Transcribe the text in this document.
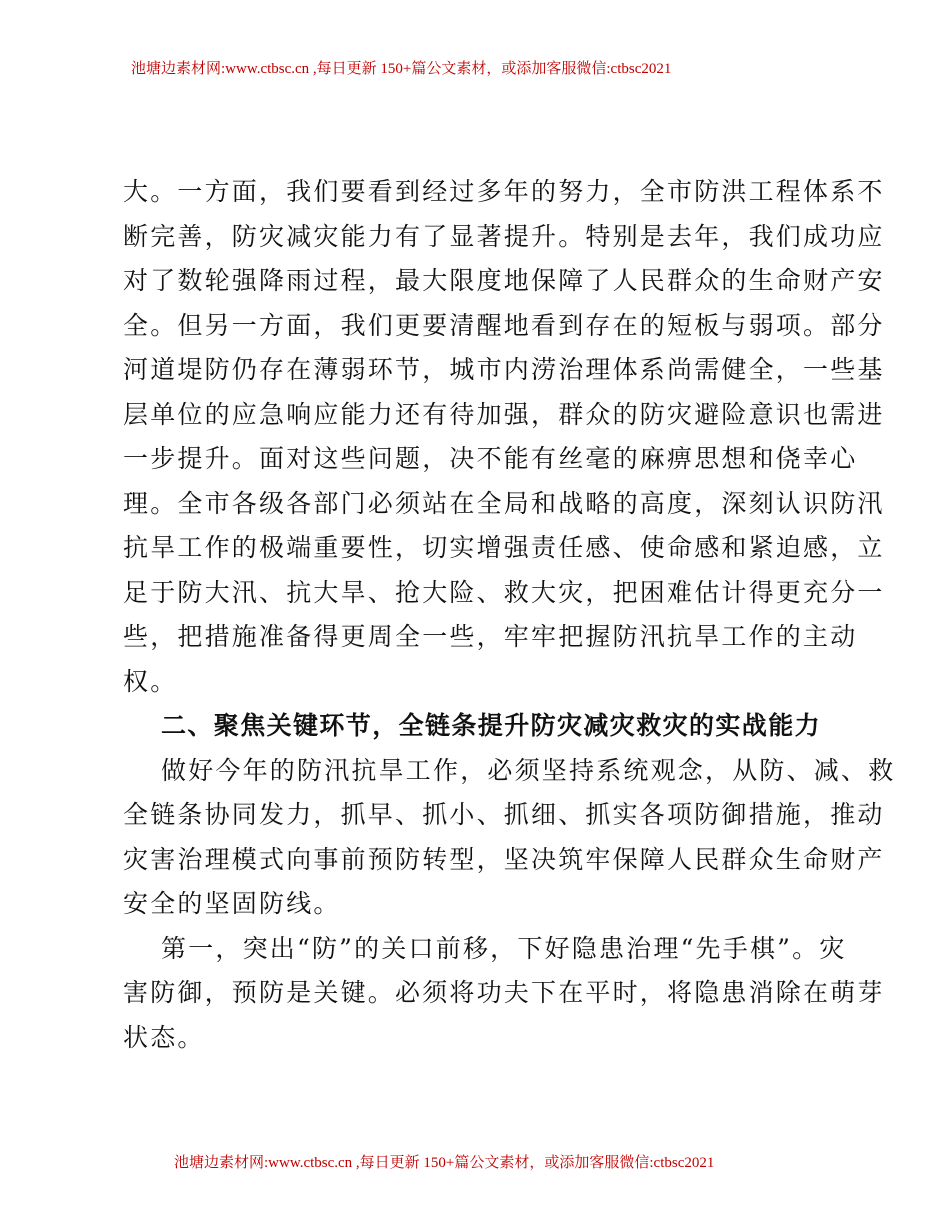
池塘边素材网:www.ctbsc.cn ,每日更新 150+篇公文素材，或添加客服微信:ctbsc2021
大。一方面，我们要看到经过多年的努力，全市防洪工程体系不
断完善，防灾减灾能力有了显著提升。特别是去年，我们成功应
对了数轮强降雨过程，最大限度地保障了人民群众的生命财产安
全。但另一方面，我们更要清醒地看到存在的短板与弱项。部分
河道堤防仍存在薄弱环节，城市内涝治理体系尚需健全，一些基
层单位的应急响应能力还有待加强，群众的防灾避险意识也需进
一步提升。面对这些问题，决不能有丝毫的麻痹思想和侥幸心
理。全市各级各部门必须站在全局和战略的高度，深刻认识防汛
抗旱工作的极端重要性，切实增强责任感、使命感和紧迫感，立
足于防大汛、抗大旱、抢大险、救大灾，把困难估计得更充分一
些，把措施准备得更周全一些，牢牢把握防汛抗旱工作的主动
权。
二、聚焦关键环节，全链条提升防灾减灾救灾的实战能力
做好今年的防汛抗旱工作，必须坚持系统观念，从防、减、救
全链条协同发力，抓早、抓小、抓细、抓实各项防御措施，推动
灾害治理模式向事前预防转型，坚决筑牢保障人民群众生命财产
安全的坚固防线。
第一，突出“防”的关口前移，下好隐患治理“先手棋”。灾
害防御，预防是关键。必须将功夫下在平时，将隐患消除在萌芽
状态。
池塘边素材网:www.ctbsc.cn ,每日更新 150+篇公文素材，或添加客服微信:ctbsc2021
